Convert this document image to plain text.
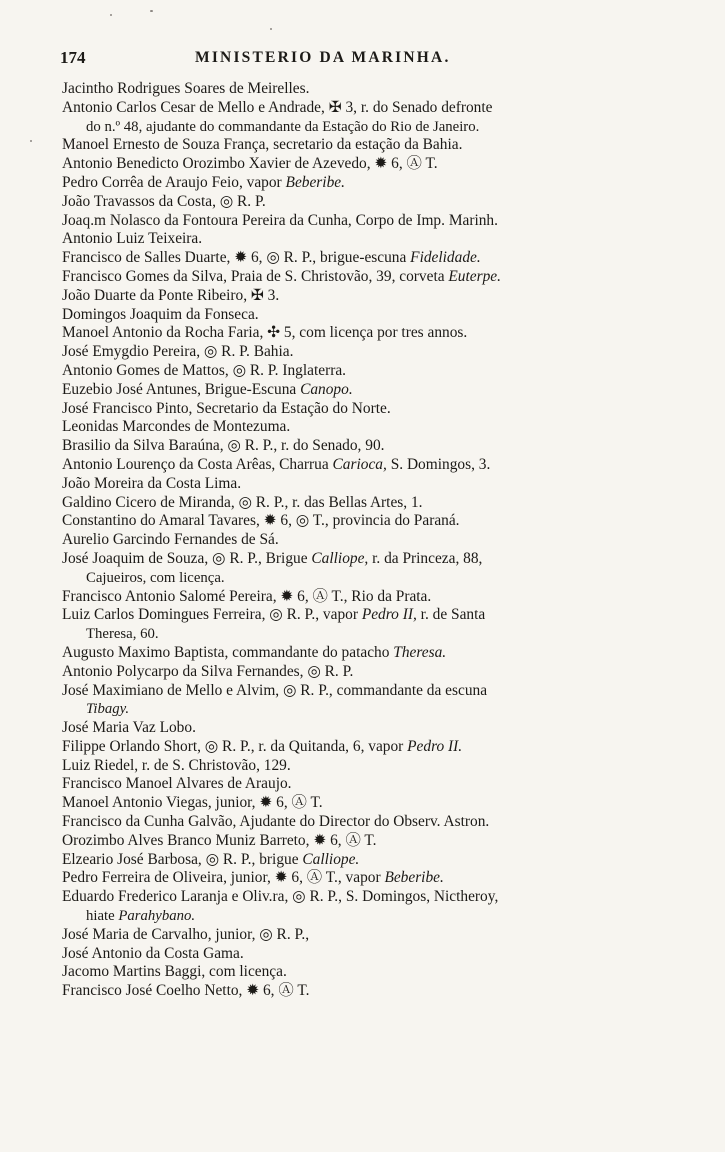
174	MINISTERIO DA MARINHA.
Jacintho Rodrigues Soares de Meirelles.
Antonio Carlos Cesar de Mello e Andrade, ✠ 3, r. do Senado defronte
do n.º 48, ajudante do commandante da Estação do Rio de Janeiro.
Manoel Ernesto de Souza França, secretario da estação da Bahia.
Antonio Benedicto Orozimbo Xavier de Azevedo, ✹ 6, Ⓐ T.
Pedro Corrêa de Araujo Feio, vapor Beberibe.
João Travassos da Costa, ◎ R. P.
Joaq.m Nolasco da Fontoura Pereira da Cunha, Corpo de Imp. Marinh.
Antonio Luiz Teixeira.
Francisco de Salles Duarte, ✹ 6, ◎ R. P., brigue-escuna Fidelidade.
Francisco Gomes da Silva, Praia de S. Christovão, 39, corveta Euterpe.
João Duarte da Ponte Ribeiro, ✠ 3.
Domingos Joaquim da Fonseca.
Manoel Antonio da Rocha Faria, ✣ 5, com licença por tres annos.
José Emygdio Pereira, ◎ R. P. Bahia.
Antonio Gomes de Mattos, ◎ R. P. Inglaterra.
Euzebio José Antunes, Brigue-Escuna Canopo.
José Francisco Pinto, Secretario da Estação do Norte.
Leonidas Marcondes de Montezuma.
Brasilio da Silva Baraúna, ◎ R. P., r. do Senado, 90.
Antonio Lourenço da Costa Arêas, Charrua Carioca, S. Domingos, 3.
João Moreira da Costa Lima.
Galdino Cicero de Miranda, ◎ R. P., r. das Bellas Artes, 1.
Constantino do Amaral Tavares, ✹ 6, ◎ T., provincia do Paraná.
Aurelio Garcindo Fernandes de Sá.
José Joaquim de Souza, ◎ R. P., Brigue Calliope, r. da Princeza, 88,
Cajueiros, com licença.
Francisco Antonio Salomé Pereira, ✹ 6, Ⓐ T., Rio da Prata.
Luiz Carlos Domingues Ferreira, ◎ R. P., vapor Pedro II, r. de Santa
Theresa, 60.
Augusto Maximo Baptista, commandante do patacho Theresa.
Antonio Polycarpo da Silva Fernandes, ◎ R. P.
José Maximiano de Mello e Alvim, ◎ R. P., commandante da escuna
Tibagy.
José Maria Vaz Lobo.
Filippe Orlando Short, ◎ R. P., r. da Quitanda, 6, vapor Pedro II.
Luiz Riedel, r. de S. Christovão, 129.
Francisco Manoel Alvares de Araujo.
Manoel Antonio Viegas, junior, ✹ 6, Ⓐ T.
Francisco da Cunha Galvão, Ajudante do Director do Observ. Astron.
Orozimbo Alves Branco Muniz Barreto, ✹ 6, Ⓐ T.
Elzeario José Barbosa, ◎ R. P., brigue Calliope.
Pedro Ferreira de Oliveira, junior, ✹ 6, Ⓐ T., vapor Beberibe.
Eduardo Frederico Laranja e Oliv.ra, ◎ R. P., S. Domingos, Nictheroy,
hiate Parahybano.
José Maria de Carvalho, junior, ◎ R. P.,
José Antonio da Costa Gama.
Jacomo Martins Baggi, com licença.
Francisco José Coelho Netto, ✹ 6, Ⓐ T.
